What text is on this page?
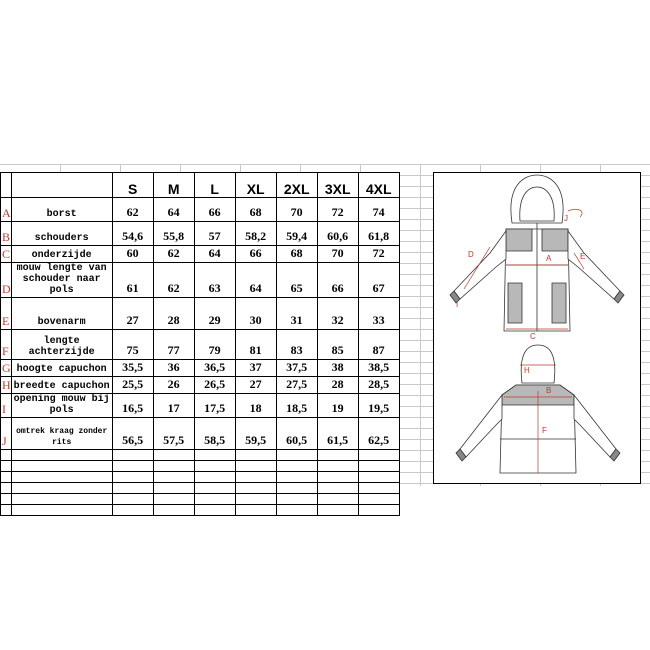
		S	M	L	XL	2XL	3XL	4XL
A	borst	62	64	66	68	70	72	74
B	schouders	54,6	55,8	57	58,2	59,4	60,6	61,8
C	onderzijde	60	62	64	66	68	70	72
D	mouw lengte van schouder naar pols	61	62	63	64	65	66	67
E	bovenarm	27	28	29	30	31	32	33
F	lengte achterzijde	75	77	79	81	83	85	87
G	hoogte capuchon	35,5	36	36,5	37	37,5	38	38,5
H	breedte capuchon	25,5	26	26,5	27	27,5	28	28,5
I	opening mouw bij pols	16,5	17	17,5	18	18,5	19	19,5
J	omtrek kraag zonder rits	56,5	57,5	58,5	59,5	60,5	61,5	62,5

D	A	E
I
C
J
H
B
F
